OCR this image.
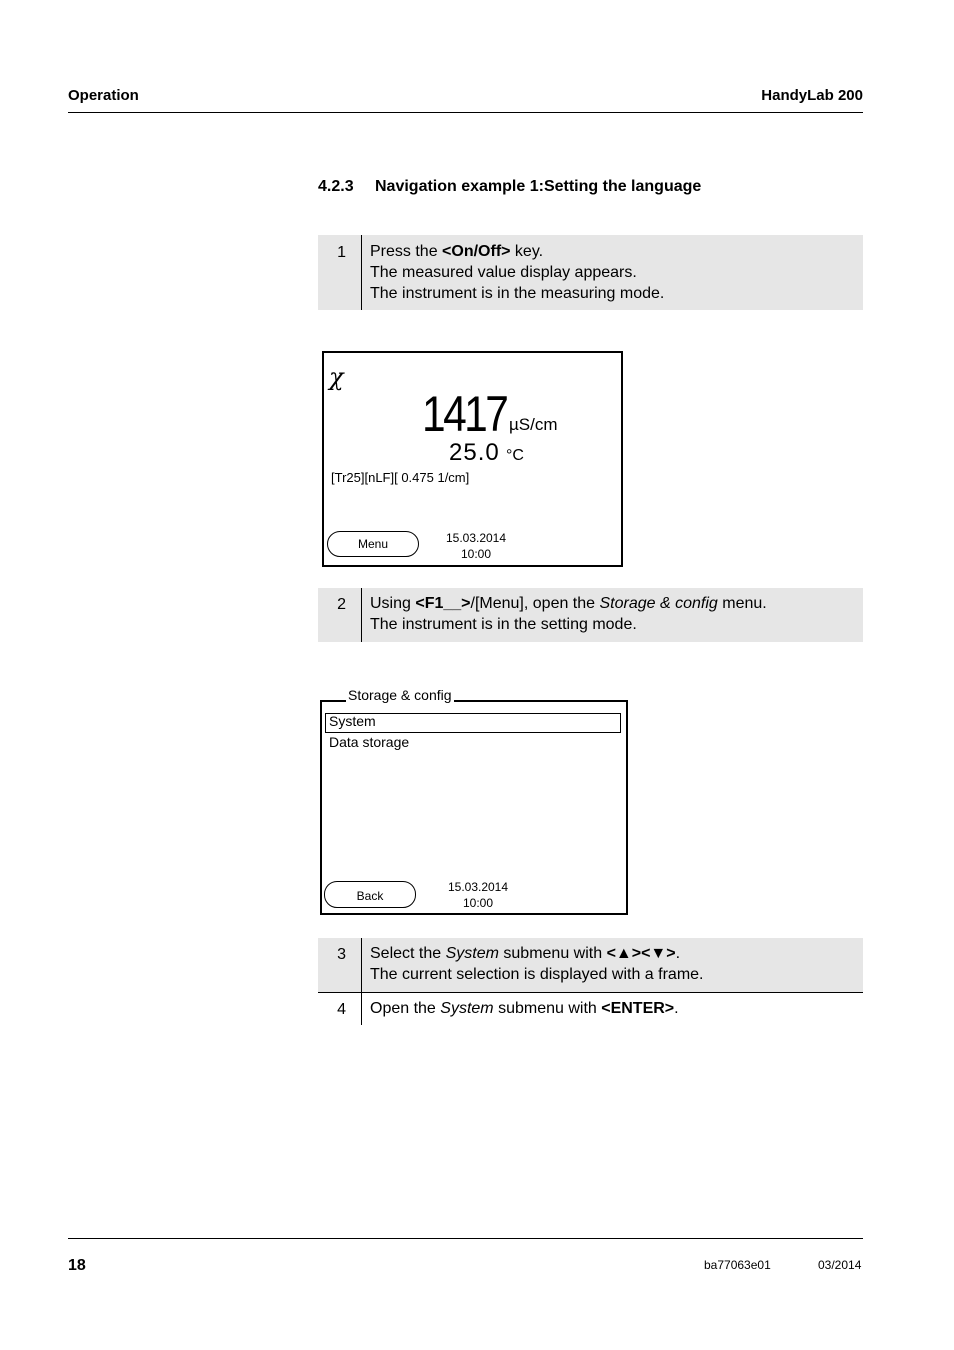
Operation	HandyLab 200
4.2.3 Navigation example 1:Setting the language
1	Press the <On/Off> key.
The measured value display appears.
The instrument is in the measuring mode.
χ
1417 µS/cm
25.0 °C
[Tr25][nLF][ 0.475 1/cm]
Menu	15.03.2014
10:00
2	Using <F1__>/[Menu], open the Storage & config menu.
The instrument is in the setting mode.
System
Data storage
Back
15.03.2014
10:00
Storage & config
3	Select the System submenu with <▲><▼>.
The current selection is displayed with a frame.
4	Open the System submenu with <ENTER>.
18	ba77063e01	03/2014
